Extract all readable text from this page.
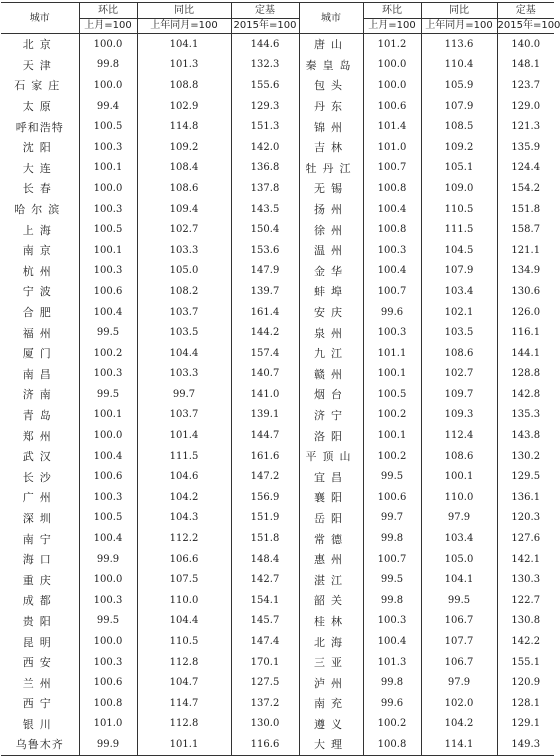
城市	环比	同比	定基	城市	环比	同比	定基
	上月=100	上年同月=100	2015年=100		上月=100	上年同月=100	2015年=100
北京	100.0	104.1	144.6	唐山	101.2	113.6	140.0
天津	99.8	101.3	132.3	秦皇岛	100.0	110.4	148.1
石家庄	100.0	108.8	155.6	包头	100.0	105.9	123.7
太原	99.4	102.9	129.3	丹东	100.6	107.9	129.0
呼和浩特	100.5	114.8	151.3	锦州	101.4	108.5	121.3
沈阳	100.3	109.2	142.0	吉林	101.0	109.2	135.9
大连	100.1	108.4	136.8	牡丹江	100.7	105.1	124.4
长春	100.0	108.6	137.8	无锡	100.8	109.0	154.2
哈尔滨	100.3	109.4	143.5	扬州	100.4	110.5	151.8
上海	100.5	102.7	150.4	徐州	100.8	111.5	158.7
南京	100.1	103.3	153.6	温州	100.3	104.5	121.1
杭州	100.3	105.0	147.9	金华	100.4	107.9	134.9
宁波	100.6	108.2	139.7	蚌埠	100.7	103.4	130.6
合肥	100.4	103.7	161.4	安庆	99.6	102.1	126.0
福州	99.5	103.5	144.2	泉州	100.3	103.5	116.1
厦门	100.2	104.4	157.4	九江	101.1	108.6	144.1
南昌	100.3	103.3	140.7	赣州	100.1	102.7	128.8
济南	99.5	99.7	141.0	烟台	100.5	109.7	142.8
青岛	100.1	103.7	139.1	济宁	100.2	109.3	135.3
郑州	100.0	101.4	144.7	洛阳	100.1	112.4	143.8
武汉	100.4	111.5	161.6	平顶山	100.2	108.6	130.2
长沙	100.6	104.6	147.2	宜昌	99.5	100.1	129.5
广州	100.3	104.2	156.9	襄阳	100.6	110.0	136.1
深圳	100.5	104.3	151.9	岳阳	99.7	97.9	120.3
南宁	100.4	112.2	151.8	常德	99.8	103.4	127.6
海口	99.9	106.6	148.4	惠州	100.7	105.0	142.1
重庆	100.0	107.5	142.7	湛江	99.5	104.1	130.3
成都	100.3	110.0	154.1	韶关	99.8	99.5	122.7
贵阳	99.5	104.4	145.7	桂林	100.3	106.7	130.8
昆明	100.0	110.5	147.4	北海	100.4	107.7	142.2
西安	100.3	112.8	170.1	三亚	101.3	106.7	155.1
兰州	100.6	104.7	127.5	泸州	99.8	97.9	120.9
西宁	100.8	114.7	137.2	南充	99.6	102.0	128.1
银川	101.0	112.8	130.0	遵义	100.2	104.2	129.1
乌鲁木齐	99.9	101.1	116.6	大理	100.8	114.1	149.3
